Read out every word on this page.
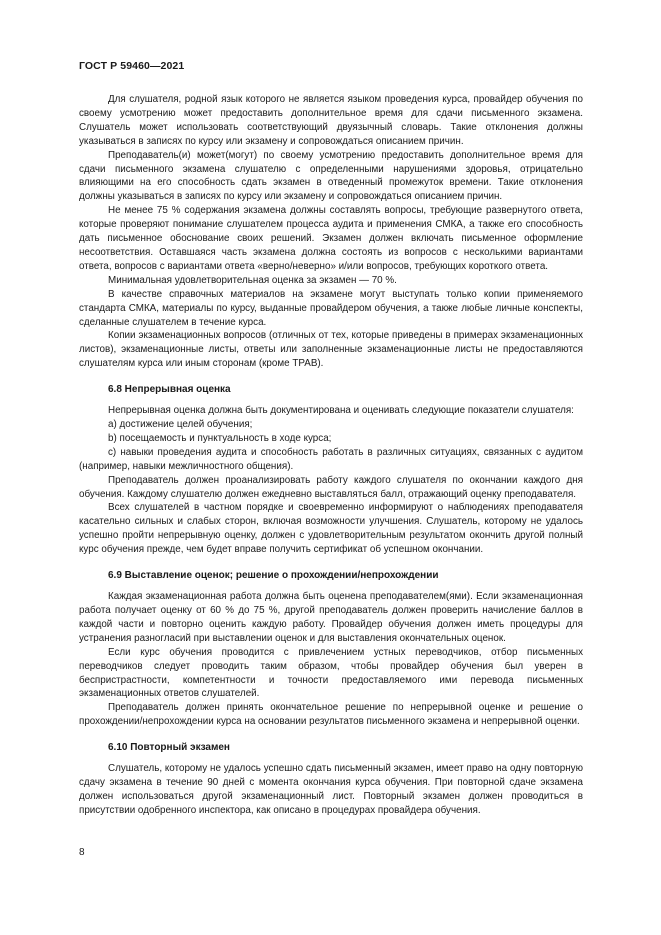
ГОСТ Р 59460—2021

Для слушателя, родной язык которого не является языком проведения курса, провайдер обучения по своему усмотрению может предоставить дополнительное время для сдачи письменного экзамена. Слушатель может использовать соответствующий двуязычный словарь. Такие отклонения должны указываться в записях по курсу или экзамену и сопровождаться описанием причин.

Преподаватель(и) может(могут) по своему усмотрению предоставить дополнительное время для сдачи письменного экзамена слушателю с определенными нарушениями здоровья, отрицательно влияющими на его способность сдать экзамен в отведенный промежуток времени. Такие отклонения должны указываться в записях по курсу или экзамену и сопровождаться описанием причин.

Не менее 75 % содержания экзамена должны составлять вопросы, требующие развернутого ответа, которые проверяют понимание слушателем процесса аудита и применения СМКА, а также его способность дать письменное обоснование своих решений. Экзамен должен включать письменное оформление несоответствия. Оставшаяся часть экзамена должна состоять из вопросов с несколькими вариантами ответа, вопросов с вариантами ответа «верно/неверно» и/или вопросов, требующих короткого ответа.

Минимальная удовлетворительная оценка за экзамен — 70 %.

В качестве справочных материалов на экзамене могут выступать только копии применяемого стандарта СМКА, материалы по курсу, выданные провайдером обучения, а также любые личные конспекты, сделанные слушателем в течение курса.

Копии экзаменационных вопросов (отличных от тех, которые приведены в примерах экзаменационных листов), экзаменационные листы, ответы или заполненные экзаменационные листы не предоставляются слушателям курса или иным сторонам (кроме ТРАВ).

6.8 Непрерывная оценка

Непрерывная оценка должна быть документирована и оценивать следующие показатели слушателя:

a) достижение целей обучения;

b) посещаемость и пунктуальность в ходе курса;

c) навыки проведения аудита и способность работать в различных ситуациях, связанных с аудитом (например, навыки межличностного общения).

Преподаватель должен проанализировать работу каждого слушателя по окончании каждого дня обучения. Каждому слушателю должен ежедневно выставляться балл, отражающий оценку преподавателя.

Всех слушателей в частном порядке и своевременно информируют о наблюдениях преподавателя касательно сильных и слабых сторон, включая возможности улучшения. Слушатель, которому не удалось успешно пройти непрерывную оценку, должен с удовлетворительным результатом окончить другой полный курс обучения прежде, чем будет вправе получить сертификат об успешном окончании.

6.9 Выставление оценок; решение о прохождении/непрохождении

Каждая экзаменационная работа должна быть оценена преподавателем(ями). Если экзаменационная работа получает оценку от 60 % до 75 %, другой преподаватель должен проверить начисление баллов в каждой части и повторно оценить каждую работу. Провайдер обучения должен иметь процедуры для устранения разногласий при выставлении оценок и для выставления окончательных оценок.

Если курс обучения проводится с привлечением устных переводчиков, отбор письменных переводчиков следует проводить таким образом, чтобы провайдер обучения был уверен в беспристрастности, компетентности и точности предоставляемого ими перевода письменных экзаменационных ответов слушателей.

Преподаватель должен принять окончательное решение по непрерывной оценке и решение о прохождении/непрохождении курса на основании результатов письменного экзамена и непрерывной оценки.

6.10 Повторный экзамен

Слушатель, которому не удалось успешно сдать письменный экзамен, имеет право на одну повторную сдачу экзамена в течение 90 дней с момента окончания курса обучения. При повторной сдаче экзамена должен использоваться другой экзаменационный лист. Повторный экзамен должен проводиться в присутствии одобренного инспектора, как описано в процедурах провайдера обучения.

8
